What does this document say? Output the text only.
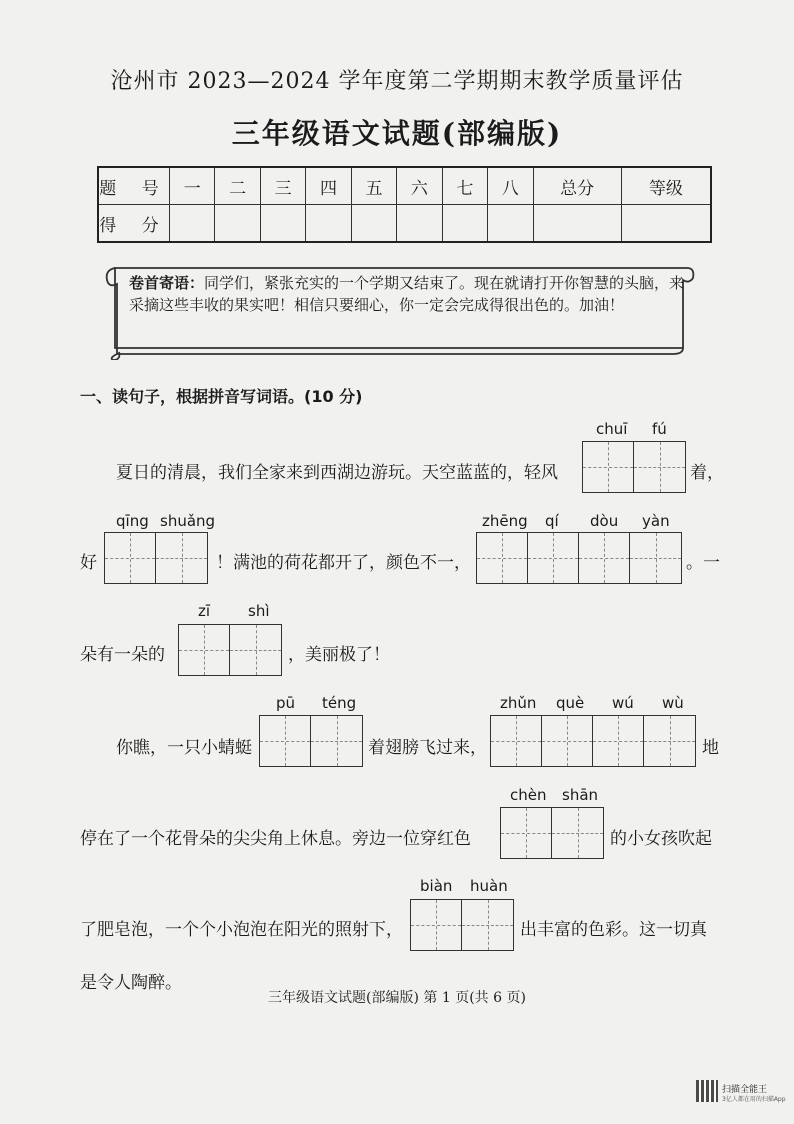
沧州市 2023—2024 学年度第二学期期末教学质量评估
三年级语文试题(部编版)
题 号	一	二	三	四	五	六	七	八	总分	等级
得 分										
卷首寄语：同学们，紧张充实的一个学期又结束了。现在就请打开你智慧的头脑，来采摘这些丰收的果实吧！相信只要细心，你一定会完成得很出色的。加油！
一、读句子，根据拼音写词语。(10 分)
夏日的清晨，我们全家来到西湖边游玩。天空蓝蓝的，轻风
chuī fú
着，
好
qīng shuǎng
！满池的荷花都开了，颜色不一，
zhēng qí dòu yàn
。一
朵有一朵的
zī	shì
，美丽极了！
你瞧，一只小蜻蜓
pū téng
着翅膀飞过来，
zhǔn què wú wù
地
停在了一个花骨朵的尖尖角上休息。旁边一位穿红色
chèn shān
的小女孩吹起
了肥皂泡，一个个小泡泡在阳光的照射下，
biàn huàn
出丰富的色彩。这一切真
是令人陶醉。
三年级语文试题(部编版) 第 1 页(共 6 页)
扫描全能王
3亿人都在用的扫描App
